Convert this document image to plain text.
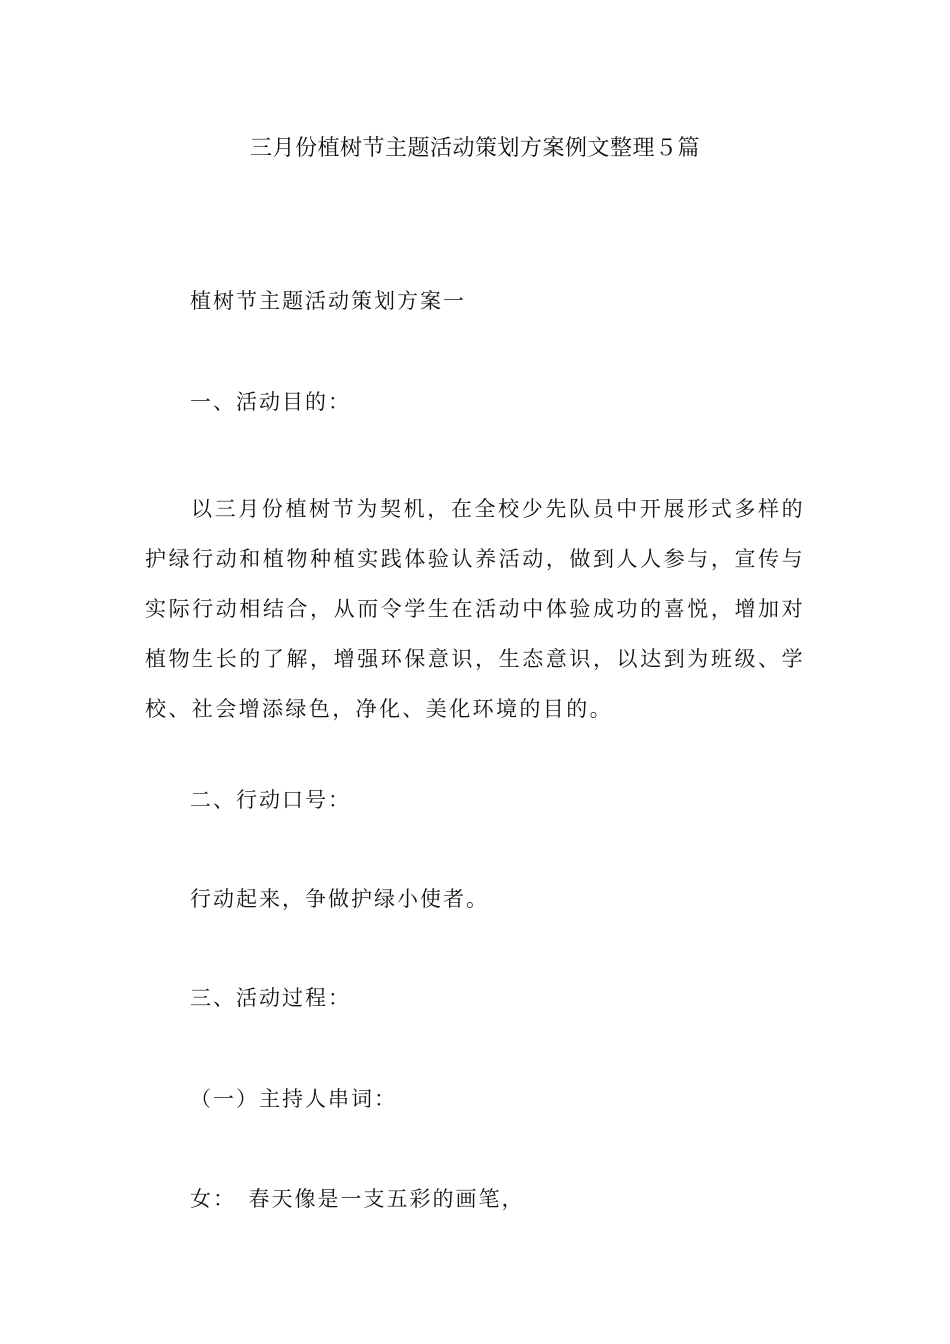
三月份植树节主题活动策划方案例文整理５篇
植树节主题活动策划方案一
一、活动目的：
以三月份植树节为契机，在全校少先队员中开展形式多样的护绿行动和植物种植实践体验认养活动，做到人人参与，宣传与实际行动相结合，从而令学生在活动中体验成功的喜悦，增加对植物生长的了解，增强环保意识，生态意识，以达到为班级、学校、社会增添绿色，净化、美化环境的目的。
二、行动口号：
行动起来，争做护绿小使者。
三、活动过程：
（一）主持人串词：
女：　春天像是一支五彩的画笔，
